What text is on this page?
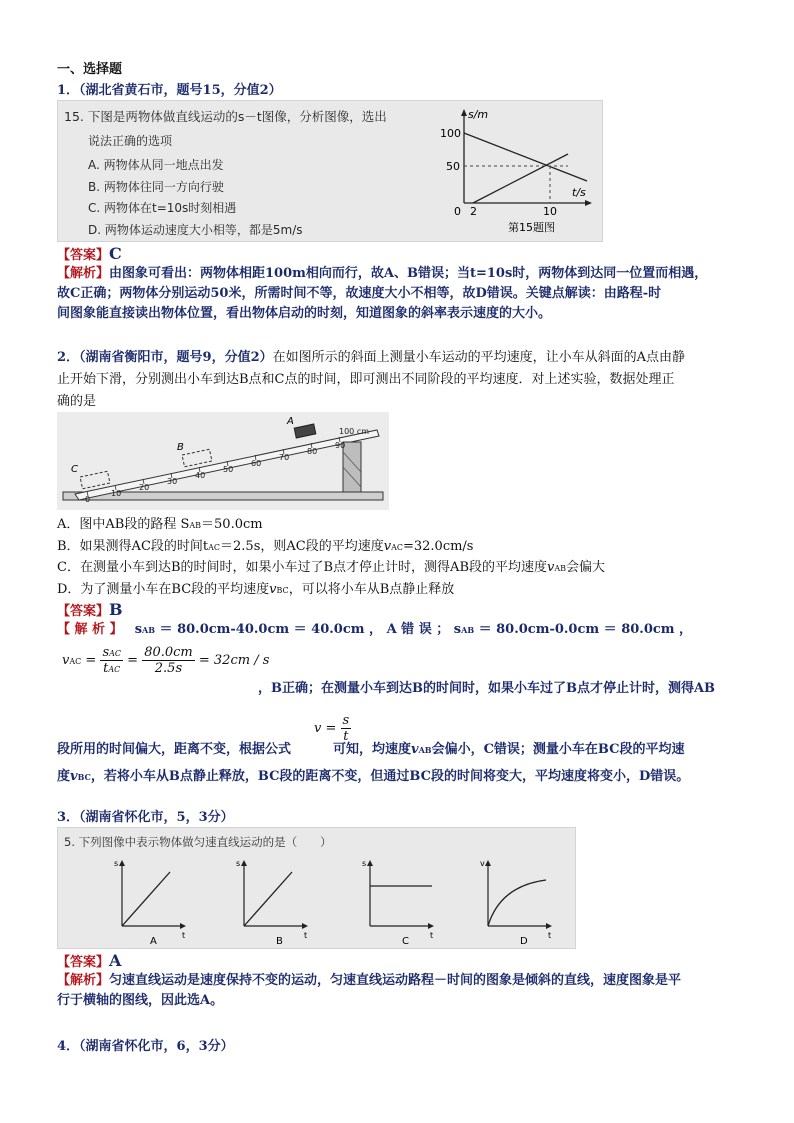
一、选择题
1．（湖北省黄石市，题号15，分值2）
15. 下图是两物体做直线运动的s－t图像，分析图像，选出
说法正确的选项
A. 两物体从同一地点出发
B. 两物体往同一方向行驶
C. 两物体在t=10s时刻相遇
D. 两物体运动速度大小相等，都是5m/s
s/m
100
50
0 2	10
t/s
第15题图
【答案】C
【解析】由图象可看出：两物体相距100m相向而行，故A、B错误；当t=10s时，两物体到达同一位置而相遇，
故C正确；两物体分别运动50米，所需时间不等，故速度大小不相等，故D错误。关键点解读：由路程-时
间图象能直接读出物体位置，看出物体启动的时刻，知道图象的斜率表示速度的大小。
2．（湖南省衡阳市，题号9，分值2）在如图所示的斜面上测量小车运动的平均速度，让小车从斜面的A点由静
止开始下滑，分别测出小车到达B点和C点的时间，即可测出不同阶段的平均速度．对上述实验，数据处理正
确的是
0
10
20
30
40
50
60
70
80
90
100 cm
A
B
C
A．图中AB段的路程 SAB＝50.0cm
B．如果测得AC段的时间tAC＝2.5s，则AC段的平均速度vAC=32.0cm/s
C．在测量小车到达B的时间时，如果小车过了B点才停止计时，测得AB段的平均速度vAB会偏大
D．为了测量小车在BC段的平均速度vBC，可以将小车从B点静止释放
【答案】B
【 解 析 】 sAB ＝ 80.0cm-40.0cm ＝ 40.0cm ， A 错 误 ； sAB ＝ 80.0cm-0.0cm ＝ 80.0cm ，
vAC = $\frac{\text{sAC}}{\text{tAC}} = \frac{80.0cm}{2.5s} = 32cm / s$
，B正确；在测量小车到达B的时间时，如果小车过了B点才停止计时，测得AB
$v = \frac{s}{t}$
段所用的时间偏大，距离不变，根据公式	可知，均速度vAB会偏小，C错误；测量小车在BC段的平均速
度vBC，若将小车从B点静止释放，BC段的距离不变，但通过BC段的时间将变大，平均速度将变小，D错误。
3．（湖南省怀化市，5，3分）
5. 下列图像中表示物体做匀速直线运动的是（　　）
s
t
A
s
t
B
s
t
C
v
t
D
【答案】A
【解析】匀速直线运动是速度保持不变的运动，匀速直线运动路程－时间的图象是倾斜的直线，速度图象是平
行于横轴的图线，因此选A。
4．（湖南省怀化市，6，3分）
